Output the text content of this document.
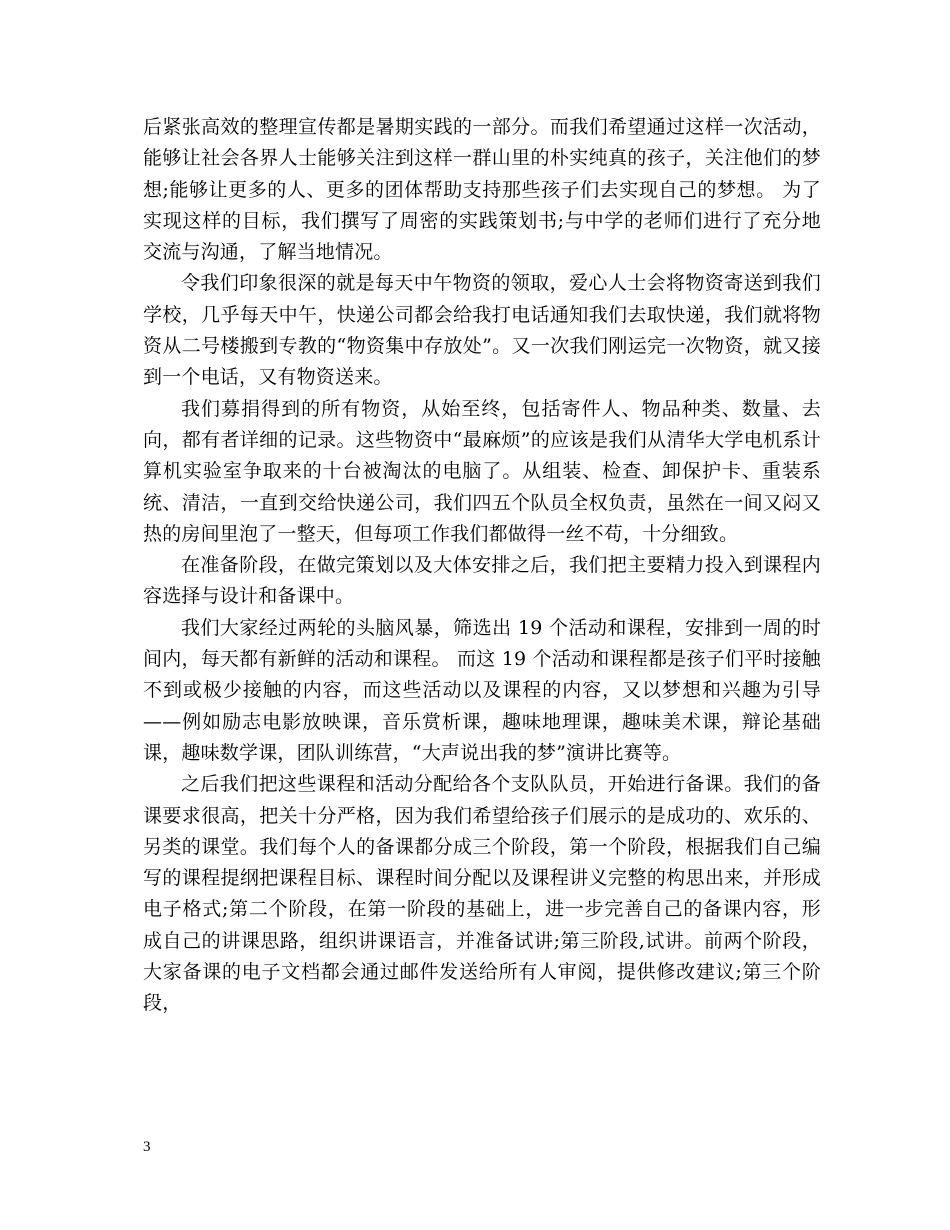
后紧张高效的整理宣传都是暑期实践的一部分。而我们希望通过这样一次活动，能够让社会各界人士能够关注到这样一群山里的朴实纯真的孩子，关注他们的梦想;能够让更多的人、更多的团体帮助支持那些孩子们去实现自己的梦想。 为了实现这样的目标，我们撰写了周密的实践策划书;与中学的老师们进行了充分地交流与沟通，了解当地情况。

令我们印象很深的就是每天中午物资的领取，爱心人士会将物资寄送到我们学校，几乎每天中午，快递公司都会给我打电话通知我们去取快递，我们就将物资从二号楼搬到专教的“物资集中存放处”。又一次我们刚运完一次物资，就又接到一个电话，又有物资送来。

我们募捐得到的所有物资，从始至终，包括寄件人、物品种类、数量、去向，都有者详细的记录。这些物资中“最麻烦”的应该是我们从清华大学电机系计算机实验室争取来的十台被淘汰的电脑了。从组装、检查、卸保护卡、重装系统、清洁，一直到交给快递公司，我们四五个队员全权负责，虽然在一间又闷又热的房间里泡了一整天，但每项工作我们都做得一丝不苟，十分细致。

在准备阶段，在做完策划以及大体安排之后，我们把主要精力投入到课程内容选择与设计和备课中。

我们大家经过两轮的头脑风暴，筛选出 19 个活动和课程，安排到一周的时间内，每天都有新鲜的活动和课程。 而这 19 个活动和课程都是孩子们平时接触不到或极少接触的内容，而这些活动以及课程的内容，又以梦想和兴趣为引导——例如励志电影放映课，音乐赏析课，趣味地理课，趣味美术课，辩论基础课，趣味数学课，团队训练营，“大声说出我的梦”演讲比赛等。

之后我们把这些课程和活动分配给各个支队队员，开始进行备课。我们的备课要求很高，把关十分严格，因为我们希望给孩子们展示的是成功的、欢乐的、另类的课堂。我们每个人的备课都分成三个阶段，第一个阶段，根据我们自己编写的课程提纲把课程目标、课程时间分配以及课程讲义完整的构思出来，并形成电子格式;第二个阶段，在第一阶段的基础上，进一步完善自己的备课内容，形成自己的讲课思路，组织讲课语言，并准备试讲;第三阶段,试讲。前两个阶段，大家备课的电子文档都会通过邮件发送给所有人审阅，提供修改建议;第三个阶段，

3
